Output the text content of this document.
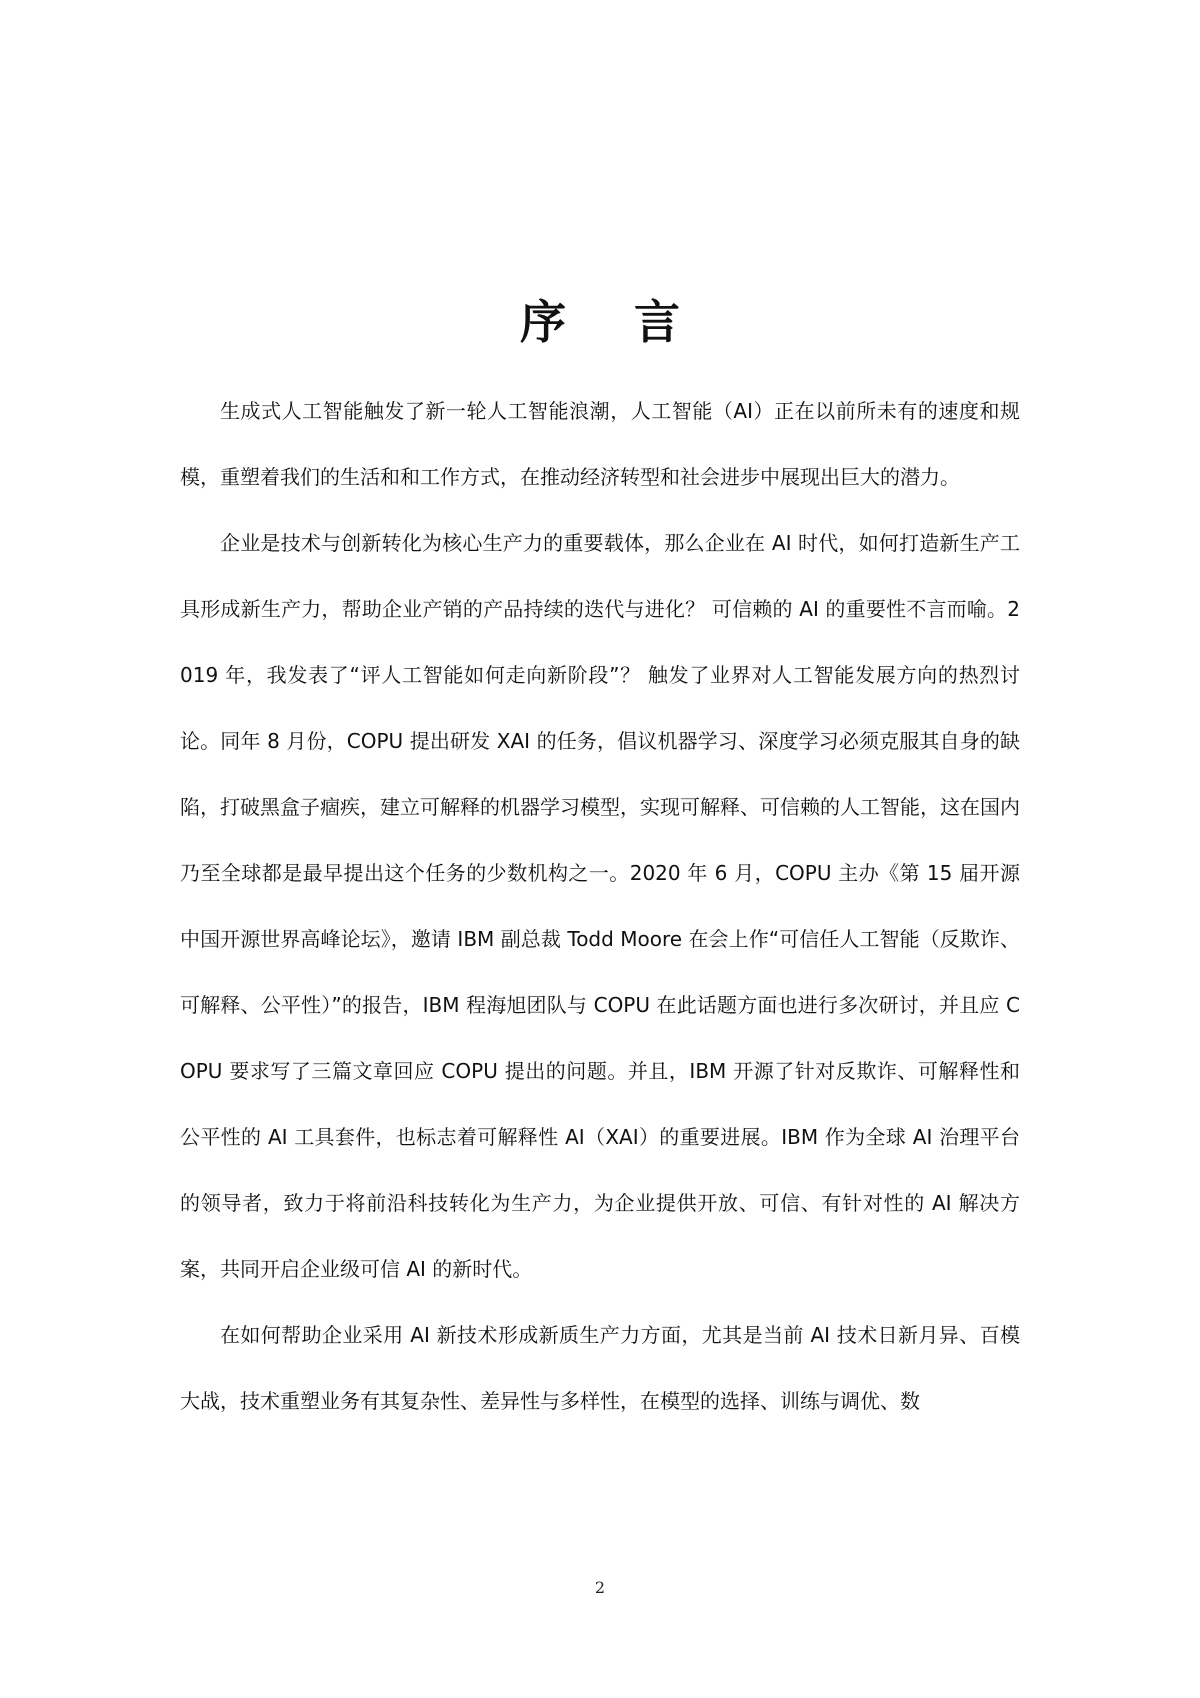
序 言

生成式人工智能触发了新一轮人工智能浪潮，人工智能（AI）正在以前所未有的速度和规模，重塑着我们的生活和和工作方式，在推动经济转型和社会进步中展现出巨大的潜力。

企业是技术与创新转化为核心生产力的重要载体，那么企业在 AI 时代，如何打造新生产工具形成新生产力，帮助企业产销的产品持续的迭代与进化？ 可信赖的 AI 的重要性不言而喻。2019 年，我发表了“评人工智能如何走向新阶段”？ 触发了业界对人工智能发展方向的热烈讨论。同年 8 月份，COPU 提出研发 XAI 的任务，倡议机器学习、深度学习必须克服其自身的缺陷，打破黑盒子痼疾，建立可解释的机器学习模型，实现可解释、可信赖的人工智能，这在国内乃至全球都是最早提出这个任务的少数机构之一。2020 年 6 月，COPU 主办《第 15 届开源中国开源世界高峰论坛》，邀请 IBM 副总裁 Todd Moore 在会上作“可信任人工智能（反欺诈、可解释、公平性）”的报告，IBM 程海旭团队与 COPU 在此话题方面也进行多次研讨，并且应 COPU 要求写了三篇文章回应 COPU 提出的问题。并且，IBM 开源了针对反欺诈、可解释性和公平性的 AI 工具套件，也标志着可解释性 AI（XAI）的重要进展。IBM 作为全球 AI 治理平台的领导者，致力于将前沿科技转化为生产力，为企业提供开放、可信、有针对性的 AI 解决方案，共同开启企业级可信 AI 的新时代。

在如何帮助企业采用 AI 新技术形成新质生产力方面，尤其是当前 AI 技术日新月异、百模大战，技术重塑业务有其复杂性、差异性与多样性，在模型的选择、训练与调优、数

2
